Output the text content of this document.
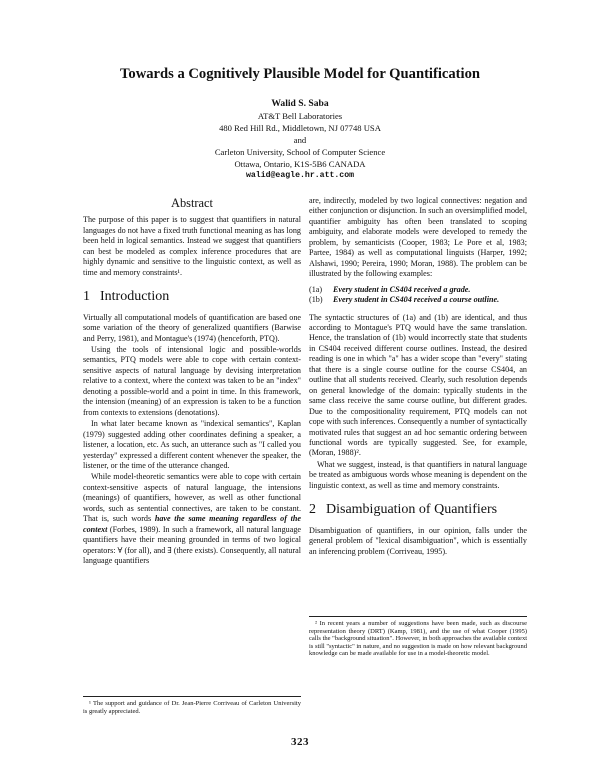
Towards a Cognitively Plausible Model for Quantification
Walid S. Saba
AT&T Bell Laboratories
480 Red Hill Rd., Middletown, NJ 07748 USA
and
Carleton University, School of Computer Science
Ottawa, Ontario, K1S-5B6 CANADA
walid@eagle.hr.att.com
Abstract

The purpose of this paper is to suggest that quantifiers in natural languages do not have a fixed truth functional meaning as has long been held in logical semantics. Instead we suggest that quantifiers can best be modeled as complex inference procedures that are highly dynamic and sensitive to the linguistic context, as well as time and memory constraints¹.

1 Introduction

Virtually all computational models of quantification are based one some variation of the theory of generalized quantifiers (Barwise and Perry, 1981), and Montague's (1974) (henceforth, PTQ).

Using the tools of intensional logic and possible-worlds semantics, PTQ models were able to cope with certain context-sensitive aspects of natural language by devising interpretation relative to a context, where the context was taken to be an "index" denoting a possible-world and a point in time. In this framework, the intension (meaning) of an expression is taken to be a function from contexts to extensions (denotations).

In what later became known as "indexical semantics", Kaplan (1979) suggested adding other coordinates defining a speaker, a listener, a location, etc. As such, an utterance such as "I called you yesterday" expressed a different content whenever the speaker, the listener, or the time of the utterance changed.

While model-theoretic semantics were able to cope with certain context-sensitive aspects of natural language, the intensions (meanings) of quantifiers, however, as well as other functional words, such as sentential connectives, are taken to be constant. That is, such words have the same meaning regardless of the context (Forbes, 1989). In such a framework, all natural language quantifiers have their meaning grounded in terms of two logical operators: ∀ (for all), and ∃ (there exists). Consequently, all natural language quantifiers

are, indirectly, modeled by two logical connectives: negation and either conjunction or disjunction. In such an oversimplified model, quantifier ambiguity has often been translated to scoping ambiguity, and elaborate models were developed to remedy the problem, by semanticists (Cooper, 1983; Le Pore et al, 1983; Partee, 1984) as well as computational linguists (Harper, 1992; Alshawi, 1990; Pereira, 1990; Moran, 1988). The problem can be illustrated by the following examples:

(1a)	Every student in CS404 received a grade.
(1b)	Every student in CS404 received a course outline.

The syntactic structures of (1a) and (1b) are identical, and thus according to Montague's PTQ would have the same translation. Hence, the translation of (1b) would incorrectly state that students in CS404 received different course outlines. Instead, the desired reading is one in which "a" has a wider scope than "every" stating that there is a single course outline for the course CS404, an outline that all students received. Clearly, such resolution depends on general knowledge of the domain: typically students in the same class receive the same course outline, but different grades. Due to the compositionality requirement, PTQ models can not cope with such inferences. Consequently a number of syntactically motivated rules that suggest an ad hoc semantic ordering between functional words are typically suggested. See, for example, (Moran, 1988)².

What we suggest, instead, is that quantifiers in natural language be treated as ambiguous words whose meaning is dependent on the linguistic context, as well as time and memory constraints.

2 Disambiguation of Quantifiers

Disambiguation of quantifiers, in our opinion, falls under the general problem of "lexical disambiguation", which is essentially an inferencing problem (Corriveau, 1995).

¹ The support and guidance of Dr. Jean-Pierre Corriveau of Carleton University is greatly appreciated.

² In recent years a number of suggestions have been made, such as discourse representation theory (DRT) (Kamp, 1981), and the use of what Cooper (1995) calls the "background situation". However, in both approaches the available context is still "syntactic" in nature, and no suggestion is made on how relevant background knowledge can be made available for use in a model-theoretic model.

323
